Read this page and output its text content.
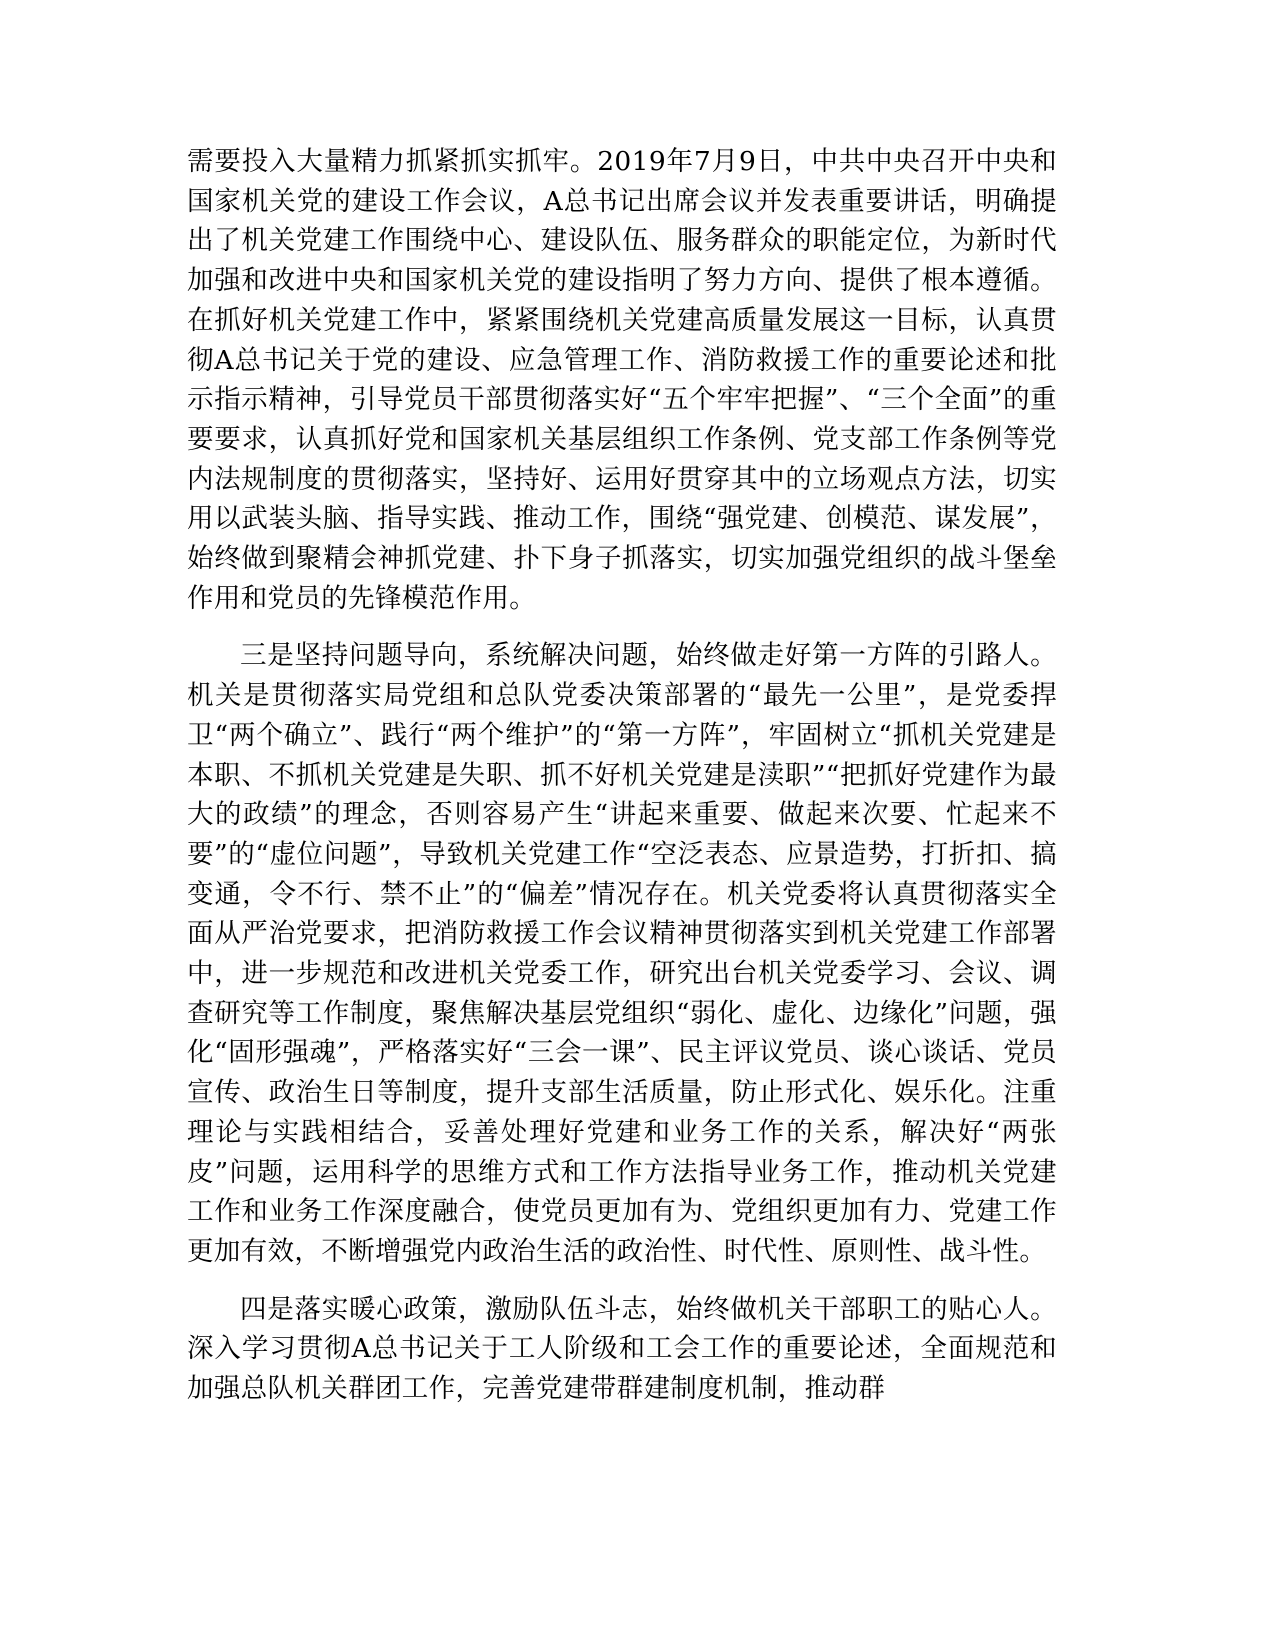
需要投入大量精力抓紧抓实抓牢。2019年7月9日，中共中央召开中央和国家机关党的建设工作会议，A总书记出席会议并发表重要讲话，明确提出了机关党建工作围绕中心、建设队伍、服务群众的职能定位，为新时代加强和改进中央和国家机关党的建设指明了努力方向、提供了根本遵循。在抓好机关党建工作中，紧紧围绕机关党建高质量发展这一目标，认真贯彻A总书记关于党的建设、应急管理工作、消防救援工作的重要论述和批示指示精神，引导党员干部贯彻落实好“五个牢牢把握”、“三个全面”的重要要求，认真抓好党和国家机关基层组织工作条例、党支部工作条例等党内法规制度的贯彻落实，坚持好、运用好贯穿其中的立场观点方法，切实用以武装头脑、指导实践、推动工作，围绕“强党建、创模范、谋发展”，始终做到聚精会神抓党建、扑下身子抓落实，切实加强党组织的战斗堡垒作用和党员的先锋模范作用。

三是坚持问题导向，系统解决问题，始终做走好第一方阵的引路人。机关是贯彻落实局党组和总队党委决策部署的“最先一公里”，是党委捍卫“两个确立”、践行“两个维护”的“第一方阵”，牢固树立“抓机关党建是本职、不抓机关党建是失职、抓不好机关党建是渎职”“把抓好党建作为最大的政绩”的理念，否则容易产生“讲起来重要、做起来次要、忙起来不要”的“虚位问题”，导致机关党建工作“空泛表态、应景造势，打折扣、搞变通，令不行、禁不止”的“偏差”情况存在。机关党委将认真贯彻落实全面从严治党要求，把消防救援工作会议精神贯彻落实到机关党建工作部署中，进一步规范和改进机关党委工作，研究出台机关党委学习、会议、调查研究等工作制度，聚焦解决基层党组织“弱化、虚化、边缘化”问题，强化“固形强魂”，严格落实好“三会一课”、民主评议党员、谈心谈话、党员宣传、政治生日等制度，提升支部生活质量，防止形式化、娱乐化。注重理论与实践相结合，妥善处理好党建和业务工作的关系，解决好“两张皮”问题，运用科学的思维方式和工作方法指导业务工作，推动机关党建工作和业务工作深度融合，使党员更加有为、党组织更加有力、党建工作更加有效，不断增强党内政治生活的政治性、时代性、原则性、战斗性。

四是落实暖心政策，激励队伍斗志，始终做机关干部职工的贴心人。深入学习贯彻A总书记关于工人阶级和工会工作的重要论述，全面规范和加强总队机关群团工作，完善党建带群建制度机制，推动群
